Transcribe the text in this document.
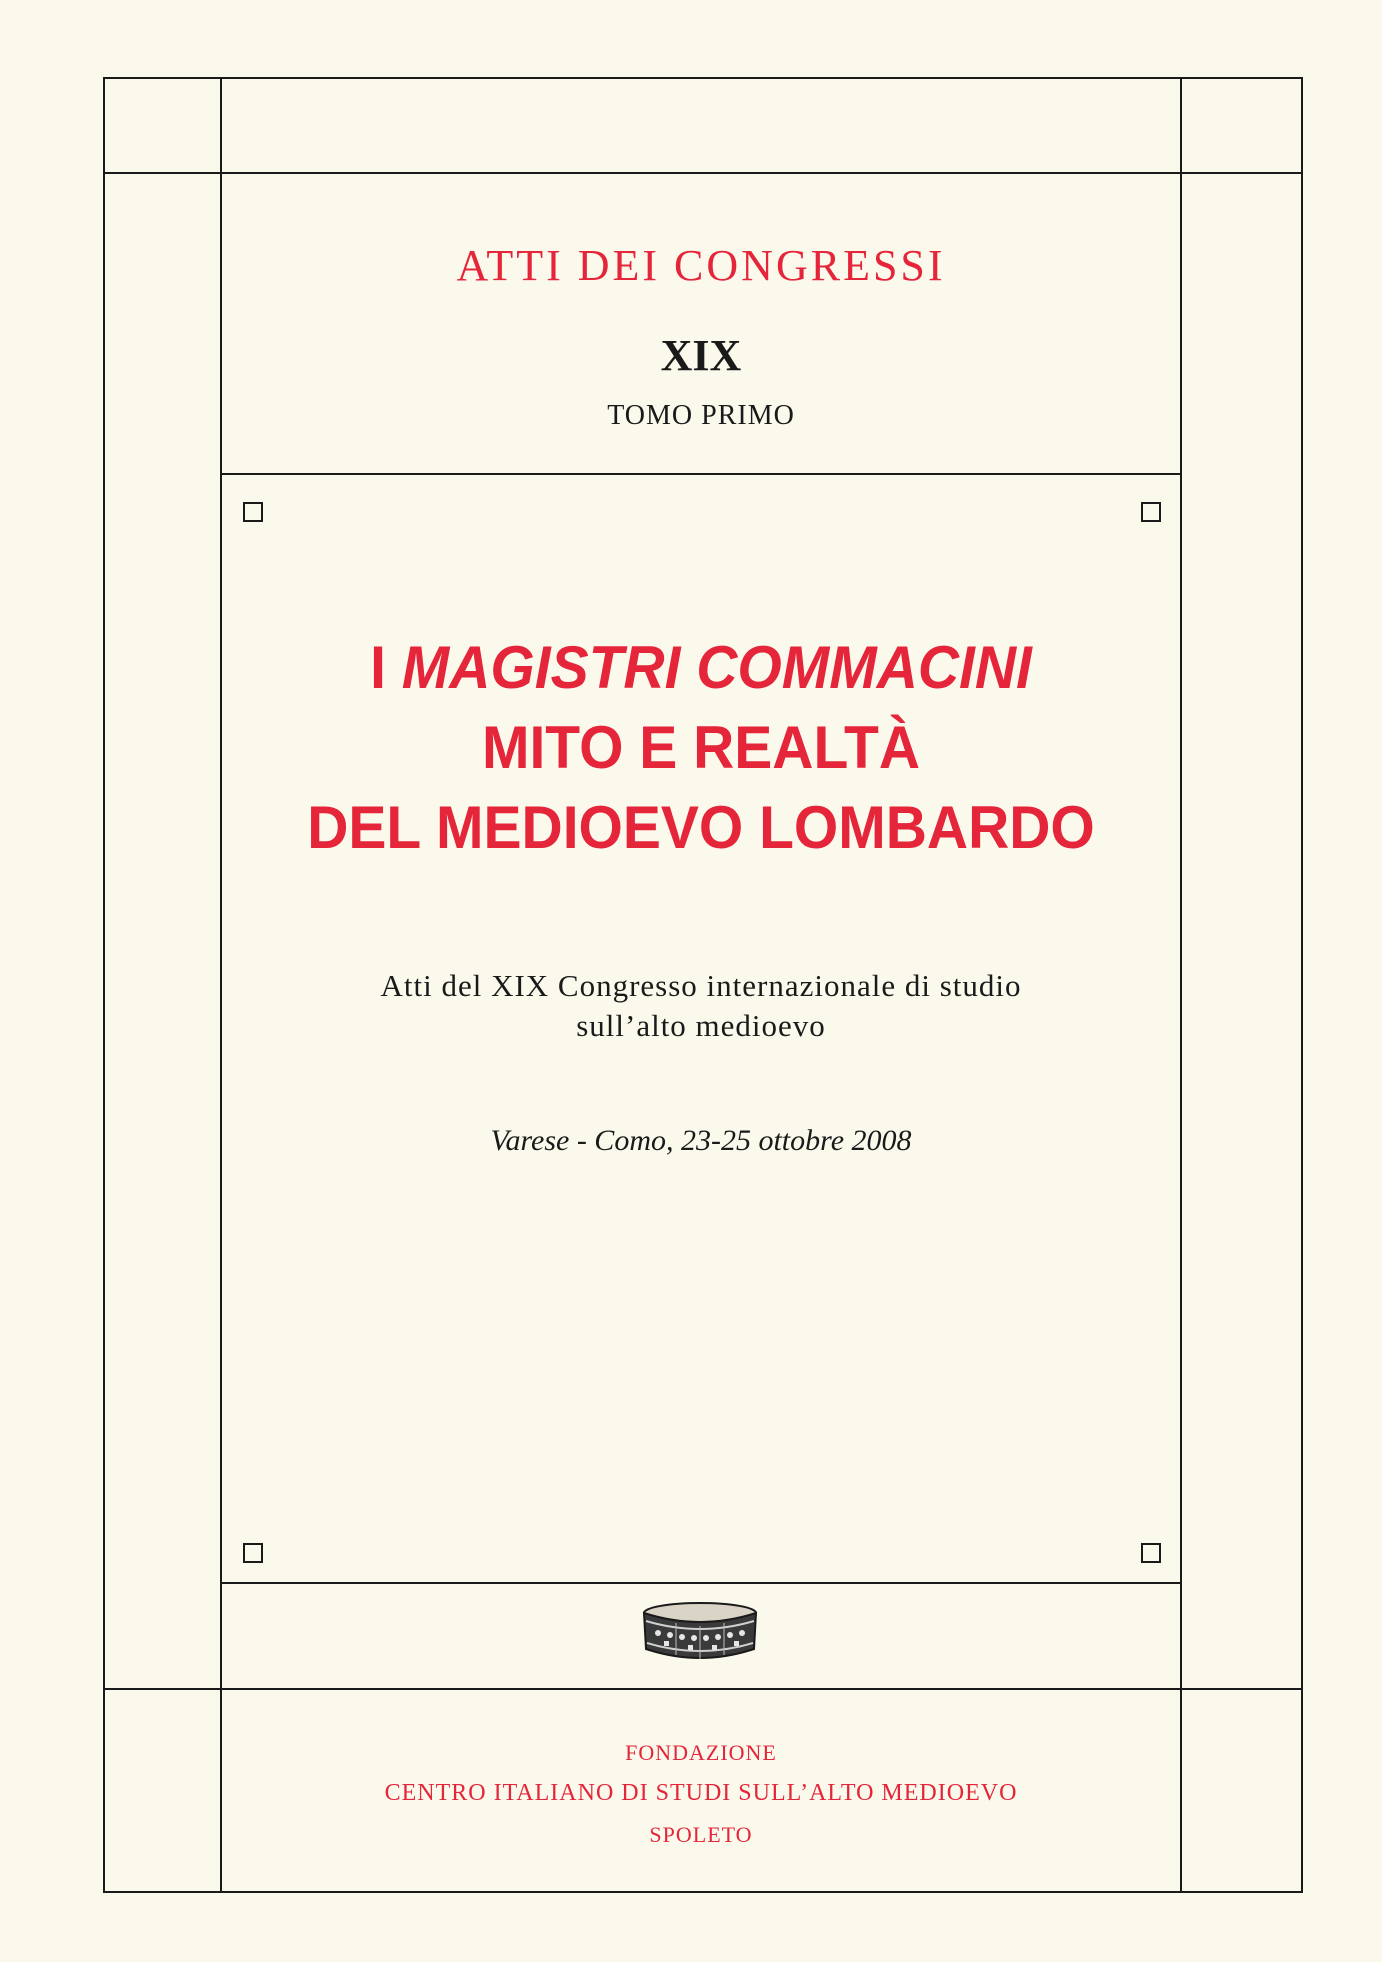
ATTI DEI CONGRESSI
XIX
TOMO PRIMO
I MAGISTRI COMMACINI
MITO E REALTÀ
DEL MEDIOEVO LOMBARDO
Atti del XIX Congresso internazionale di studio
sull’alto medioevo
Varese - Como, 23-25 ottobre 2008
FONDAZIONE
CENTRO ITALIANO DI STUDI SULL’ALTO MEDIOEVO
SPOLETO
